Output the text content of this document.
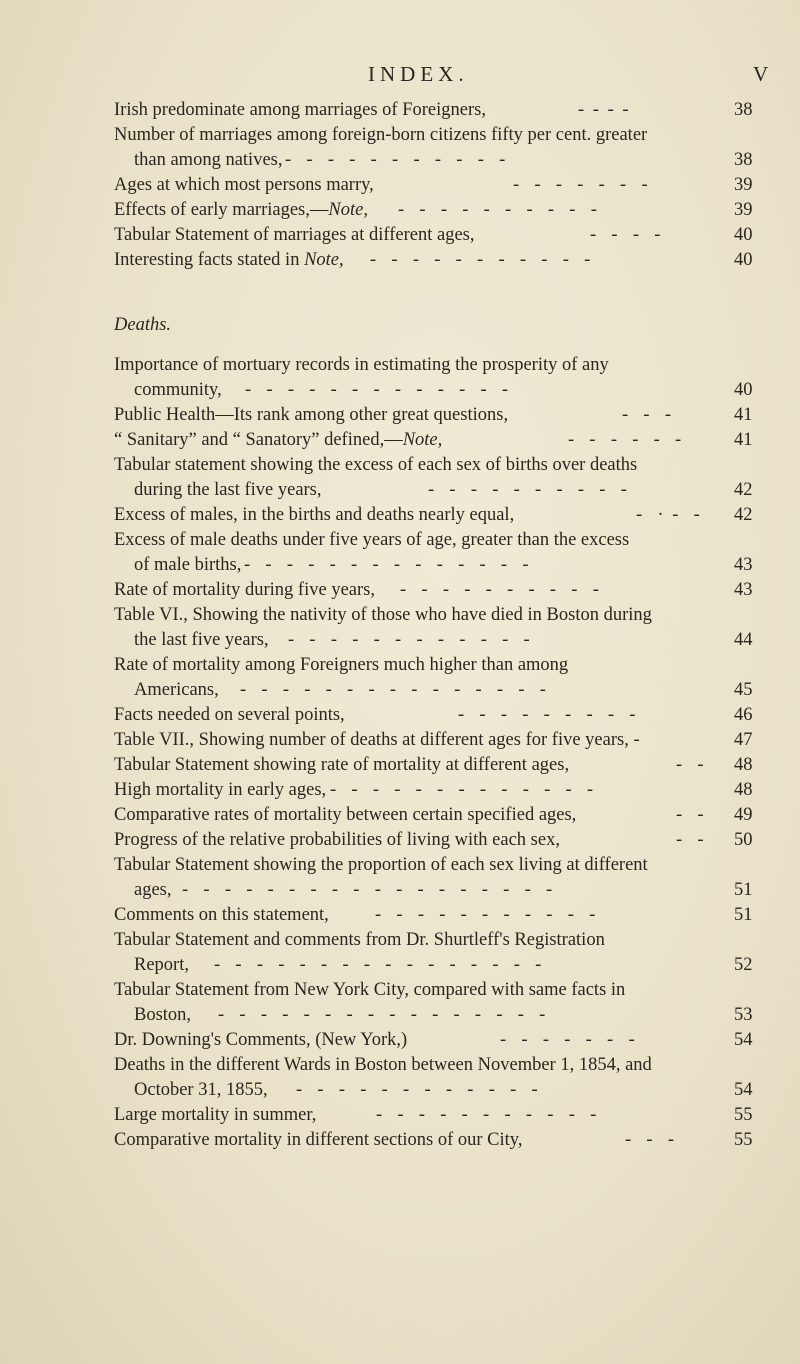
INDEX.	V
Irish predominate among marriages of Foreigners,	- - - -	38
Number of marriages among foreign-born citizens fifty per cent. greater
than among natives, -  -  -  -  -  -  -  -  -  -  -	38
Ages at which most persons marry,	-  -  -  -  -  -  -	39
Effects of early marriages,—Note, -  -  -  -  -  -  -  -  -  -	39
Tabular Statement of marriages at different ages,	-  -  -  -	40
Interesting facts stated in Note, -  -  -  -  -  -  -  -  -  -  -	40
Deaths.
Importance of mortuary records in estimating the prosperity of any
community, -  -  -  -  -  -  -  -  -  -  -  -  -	40
Public Health—Its rank among other great questions,	-  -  -	41
“ Sanitary” and “ Sanatory” defined,—Note,	-  -  -  -  -  -	41
Tabular statement showing the excess of each sex of births over deaths
during the last five years,	-  -  -  -  -  -  -  -  -  -	42
Excess of males, in the births and deaths nearly equal,	-  · -  - 42
Excess of male deaths under five years of age, greater than the excess
of male births, -  -  -  -  -  -  -  -  -  -  -  -  -  -	43
Rate of mortality during five years, -  -  -  -  -  -  -  -  -  -	43
Table VI., Showing the nativity of those who have died in Boston during
the last five years, -  -  -  -  -  -  -  -  -  -  -  -	44
Rate of mortality among Foreigners much higher than among
Americans, -  -  -  -  -  -  -  -  -  -  -  -  -  -  -	45
Facts needed on several points,	-  -  -  -  -  -  -  -  -	46
Table VII., Showing number of deaths at different ages for five years, -	47
Tabular Statement showing rate of mortality at different ages,	-  - 48
High mortality in early ages, -  -  -  -  -  -  -  -  -  -  -  -  -	48
Comparative rates of mortality between certain specified ages,	-  - 49
Progress of the relative probabilities of living with each sex,	-  - 50
Tabular Statement showing the proportion of each sex living at different
ages, -  -  -  -  -  -  -  -  -  -  -  -  -  -  -  -  -  -	51
Comments on this statement, -  -  -  -  -  -  -  -  -  -  -	51
Tabular Statement and comments from Dr. Shurtleff's Registration
Report, -  -  -  -  -  -  -  -  -  -  -  -  -  -  -  -	52
Tabular Statement from New York City, compared with same facts in
Boston, -  -  -  -  -  -  -  -  -  -  -  -  -  -  -  -	53
Dr. Downing's Comments, (New York,)	-  -  -  -  -  -  -	54
Deaths in the different Wards in Boston between November 1, 1854, and
October 31, 1855, -  -  -  -  -  -  -  -  -  -  -  -	54
Large mortality in summer,	-  -  -  -  -  -  -  -  -  -  -	55
Comparative mortality in different sections of our City,	-  -  -	55
